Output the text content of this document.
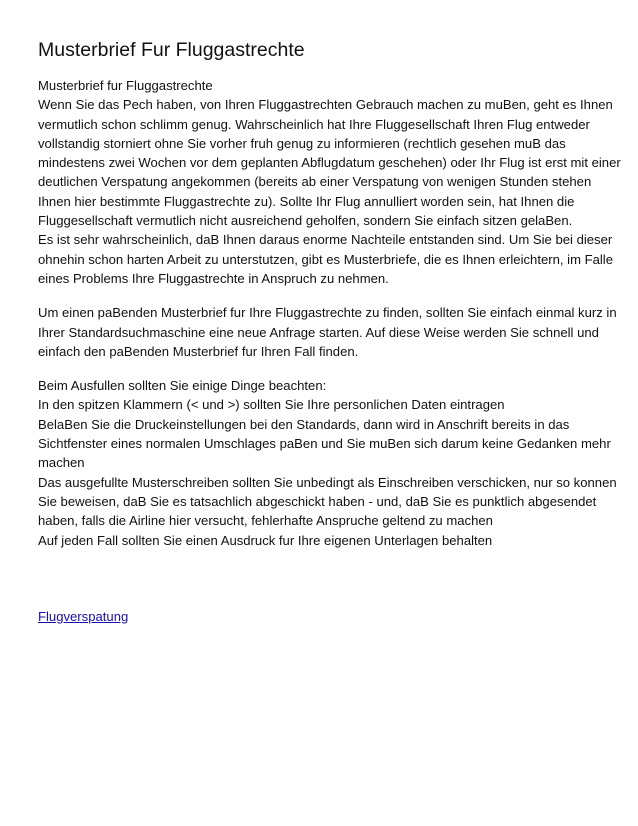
Musterbrief Fur Fluggastrechte
Musterbrief fur Fluggastrechte
Wenn Sie das Pech haben, von Ihren Fluggastrechten Gebrauch machen zu muBen, geht es Ihnen
vermutlich schon schlimm genug. Wahrscheinlich hat Ihre Fluggesellschaft Ihren Flug entweder
vollstandig storniert ohne Sie vorher fruh genug zu informieren (rechtlich gesehen muB das
mindestens zwei Wochen vor dem geplanten Abflugdatum geschehen) oder Ihr Flug ist erst mit einer
deutlichen Verspatung angekommen (bereits ab einer Verspatung von wenigen Stunden stehen
Ihnen hier bestimmte Fluggastrechte zu). Sollte Ihr Flug annulliert worden sein, hat Ihnen die
Fluggesellschaft vermutlich nicht ausreichend geholfen, sondern Sie einfach sitzen gelaBen.
Es ist sehr wahrscheinlich, daB Ihnen daraus enorme Nachteile entstanden sind. Um Sie bei dieser
ohnehin schon harten Arbeit zu unterstutzen, gibt es Musterbriefe, die es Ihnen erleichtern, im Falle
eines Problems Ihre Fluggastrechte in Anspruch zu nehmen.
Um einen paBenden Musterbrief fur Ihre Fluggastrechte zu finden, sollten Sie einfach einmal kurz in
Ihrer Standardsuchmaschine eine neue Anfrage starten. Auf diese Weise werden Sie schnell und
einfach den paBenden Musterbrief fur Ihren Fall finden.
Beim Ausfullen sollten Sie einige Dinge beachten:
In den spitzen Klammern (< und >) sollten Sie Ihre personlichen Daten eintragen
BelaBen Sie die Druckeinstellungen bei den Standards, dann wird in Anschrift bereits in das
Sichtfenster eines normalen Umschlages paBen und Sie muBen sich darum keine Gedanken mehr
machen
Das ausgefullte Musterschreiben sollten Sie unbedingt als Einschreiben verschicken, nur so konnen
Sie beweisen, daB Sie es tatsachlich abgeschickt haben - und, daB Sie es punktlich abgesendet
haben, falls die Airline hier versucht, fehlerhafte Anspruche geltend zu machen
Auf jeden Fall sollten Sie einen Ausdruck fur Ihre eigenen Unterlagen behalten
Flugverspatung
